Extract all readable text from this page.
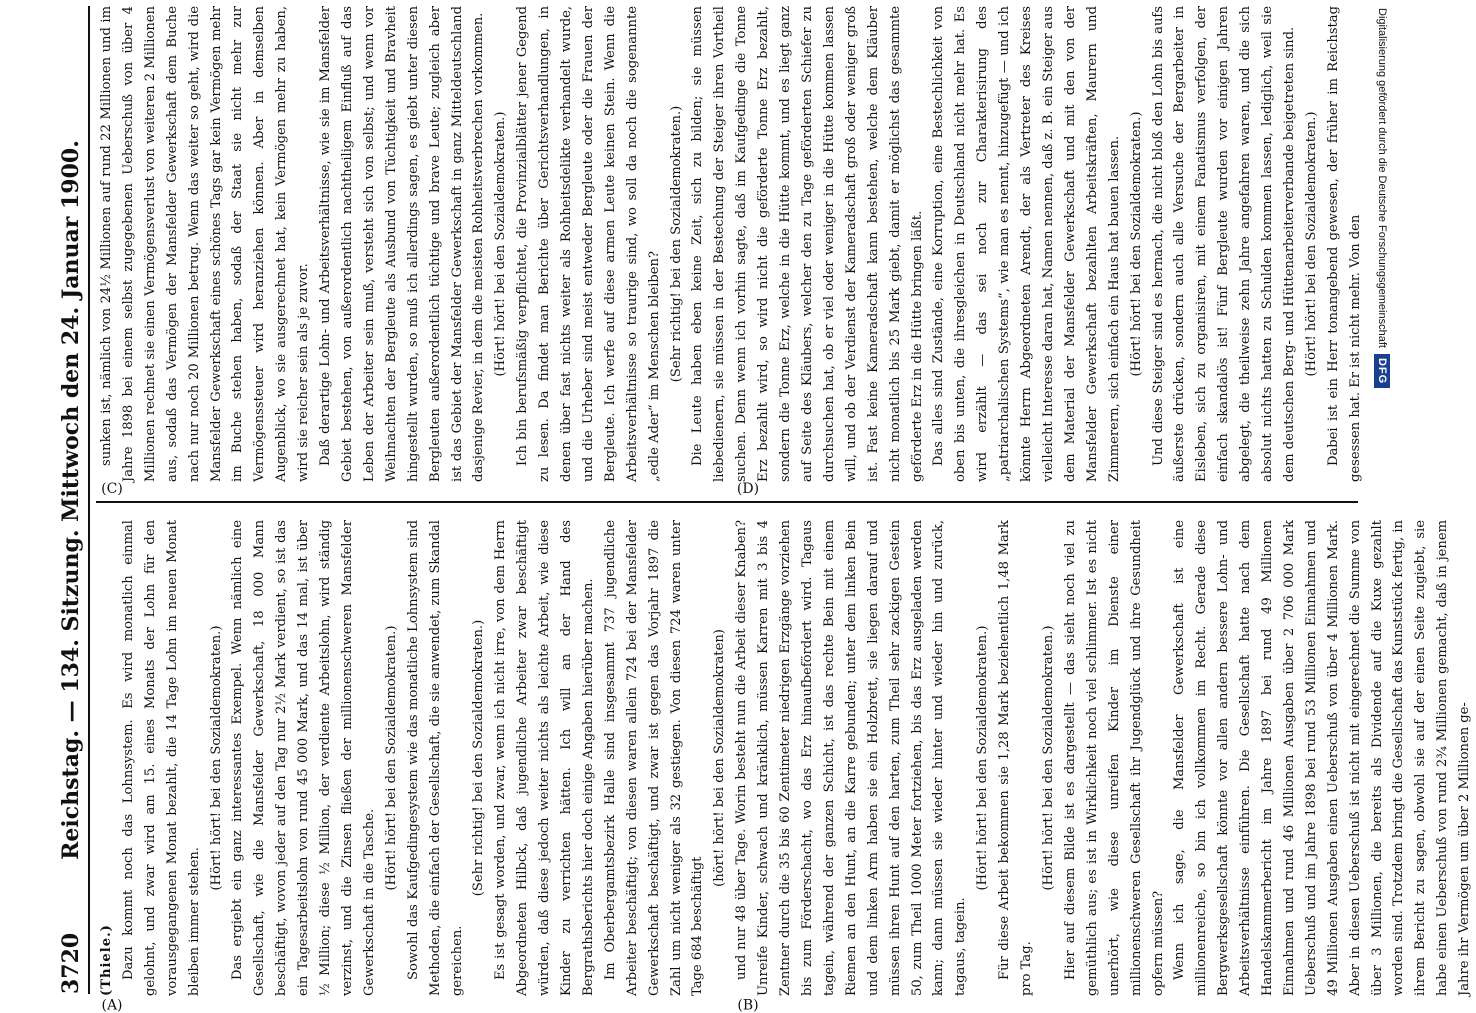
3720
Reichstag. — 134. Sitzung. Mittwoch den 24. Januar 1900.
(A)	(B)
(C)	(D)

(Thiele.) Dazu kommt noch das Lohnsystem. Es wird monatlich einmal gelohnt, und zwar wird am 15. eines Monats der Lohn für den vorausgegangenen Monat bezahlt, die 14 Tage Lohn im neuen Monat bleiben immer stehen.

(Hört! hört! bei den Sozialdemokraten.) Das ergiebt ein ganz interessantes Exempel. Wenn nämlich eine Gesellschaft, wie die Mansfelder Gewerkschaft, 18 000 Mann beschäftigt, wovon jeder auf den Tag nur 2½ Mark verdient, so ist das ein Tagesarbeitslohn von rund 45 000 Mark, und das 14 mal, ist über ½ Million; diese ½ Million, der verdiente Arbeitslohn, wird ständig verzinst, und die Zinsen fließen der millionenschweren Mansfelder Gewerkschaft in die Tasche.

(Hört! hört! bei den Sozialdemokraten.) Sowohl das Kaufgedingesystem wie das monatliche Lohnsystem sind Methoden, die einfach der Gesellschaft, die sie anwendet, zum Skandal gereichen.

(Sehr richtig! bei den Sozialdemokraten.) Es ist gesagt worden, und zwar, wenn ich nicht irre, von dem Herrn Abgeordneten Hilbck, daß jugendliche Arbeiter zwar beschäftigt würden, daß diese jedoch weiter nichts als leichte Arbeit, wie diese Kinder zu verrichten hätten. Ich will an der Hand des Bergrathsberichts hier doch einige Angaben hierüber machen. Im Oberbergamtsbezirk Halle sind insgesammt 737 jugendliche Arbeiter beschäftigt; von diesen waren allein 724 bei der Mansfelder Gewerkschaft beschäftigt, und zwar ist gegen das Vorjahr 1897 die Zahl um nicht weniger als 32 gestiegen. Von diesen 724 waren unter Tage 684 beschäftigt

(hört! hört! bei den Sozialdemokraten) und nur 48 über Tage. Worin besteht nun die Arbeit dieser Knaben? Unreife Kinder, schwach und kränklich, müssen Karren mit 3 bis 4 Zentner durch die 35 bis 60 Zentimeter niedrigen Erzgänge vorziehen bis zum Förderschacht, wo das Erz hinaufbefördert wird. Tagaus tagein, während der ganzen Schicht, ist das rechte Bein mit einem Riemen an den Hunt, an die Karre gebunden; unter dem linken Bein und dem linken Arm haben sie ein Holzbrett, sie liegen darauf und müssen ihren Hunt auf den harten, zum Theil sehr zackigen Gestein 50, zum Theil 1000 Meter fortziehen, bis das Erz ausgeladen werden kann; dann müssen sie wieder hinter und wieder hin und zurück, tagaus, tagein.

(Hört! hört! bei den Sozialdemokraten.) Für diese Arbeit bekommen sie 1,28 Mark beziehentlich 1,48 Mark pro Tag.

(Hört! hört! bei den Sozialdemokraten.) Hier auf diesem Bilde ist es dargestellt — das sieht noch viel zu gemüthlich aus; es ist in Wirklichkeit noch viel schlimmer. Ist es nicht unerhört, wie diese unreifen Kinder im Dienste einer millionenschweren Gesellschaft ihr Jugendglück und ihre Gesundheit opfern müssen? Wenn ich sage, die Mansfelder Gewerkschaft ist eine millionenreiche, so bin ich vollkommen im Recht. Gerade diese Bergwerksgesellschaft könnte vor allen andern bessere Lohn- und Arbeitsverhältnisse einführen. Die Gesellschaft hatte nach dem Handelskammerbericht im Jahre 1897 bei rund 49 Millionen Einnahmen und rund 46 Millionen Ausgaben über 2 706 000 Mark Ueberschuß und im Jahre 1898 bei rund 53 Millionen Einnahmen und 49 Millionen Ausgaben einen Ueberschuß von über 4 Millionen Mark. Aber in diesen Ueberschuß ist nicht mit eingerechnet die Summe von über 3 Millionen, die bereits als Dividende auf die Kuxe gezahlt worden sind. Trotzdem bringt die Gesellschaft das Kunststück fertig, in ihrem Bericht zu sagen, obwohl sie auf der einen Seite zugiebt, sie habe einen Ueberschuß von rund 2¾ Millionen gemacht, daß in jenem Jahre ihr Vermögen um über 2 Millionen ge-

sunken ist, nämlich von 24½ Millionen auf rund 22 Millionen und im Jahre 1898 bei einem selbst zugegebenen Ueberschuß von über 4 Millionen rechnet sie einen Vermögensverlust von weiteren 2 Millionen aus, sodaß das Vermögen der Mansfelder Gewerkschaft dem Buche nach nur noch 20 Millionen betrug. Wenn das weiter so geht, wird die Mansfelder Gewerkschaft eines schönes Tags gar kein Vermögen mehr im Buche stehen haben, sodaß der Staat sie nicht mehr zur Vermögenssteuer wird heranziehen können. Aber in demselben Augenblick, wo sie ausgerechnet hat, kein Vermögen mehr zu haben, wird sie reicher sein als je zuvor. Daß derartige Lohn- und Arbeitsverhältnisse, wie sie im Mansfelder Gebiet bestehen, von außerordentlich nachtheiligem Einfluß auf das Leben der Arbeiter sein muß, versteht sich von selbst; und wenn vor Weihnachten der Bergleute als Ausbund von Tüchtigkeit und Bravheit hingestellt wurden, so muß ich allerdings sagen, es giebt unter diesen Bergleuten außerordentlich tüchtige und brave Leute; zugleich aber ist das Gebiet der Mansfelder Gewerkschaft in ganz Mitteldeutschland dasjenige Revier, in dem die meisten Rohheitsverbrechen vorkommen. (Hört! hört! bei den Sozialdemokraten.) Ich bin berufsmäßig verpflichtet, die Provinzialblätter jener Gegend zu lesen. Da findet man Berichte über Gerichtsverhandlungen, in denen über fast nichts weiter als Rohheitsdelikte verhandelt wurde, und die Urheber sind meist entweder Bergleute oder die Frauen der Bergleute. Ich werfe auf diese armen Leute keinen Stein. Wenn die Arbeitsverhältnisse so traurige sind, wo soll da noch die sogenannte „edle Ader“ im Menschen bleiben? (Sehr richtig! bei den Sozialdemokraten.) Die Leute haben eben keine Zeit, sich zu bilden; sie müssen liebedienern, sie müssen in der Bestechung der Steiger ihren Vortheil suchen. Denn wenn ich vorhin sagte, daß im Kaufgedinge die Tonne Erz bezahlt wird, so wird nicht die geförderte Tonne Erz bezahlt, sondern die Tonne Erz, welche in die Hütte kommt, und es liegt ganz auf Seite des Kläubers, welcher den zu Tage geförderten Schiefer zu durchsuchen hat, ob er viel oder weniger in die Hütte kommen lassen will, und ob der Verdienst der Kameradschaft groß oder weniger groß ist. Fast keine Kameradschaft kann bestehen, welche dem Kläuber nicht monatlich bis 25 Mark giebt, damit er möglichst das gesammte geförderte Erz in die Hütte bringen läßt. Das alles sind Zustände, eine Korruption, eine Bestechlichkeit von oben bis unten, die ihresgleichen in Deutschland nicht mehr hat. Es wird erzählt — das sei noch zur Charakterisirung des „patriarchalischen Systems“, wie man es nennt, hinzugefügt — und ich könnte Herrn Abgeordneten Arendt, der als Vertreter des Kreises vielleicht Interesse daran hat, Namen nennen, daß z. B. ein Steiger aus dem Material der Mansfelder Gewerkschaft und mit den von der Mansfelder Gewerkschaft bezahlten Arbeitskräften, Maurern und Zimmerern, sich einfach ein Haus hat bauen lassen. (Hört! hört! bei den Sozialdemokraten.) Und diese Steiger sind es hernach, die nicht bloß den Lohn bis aufs äußerste drücken, sondern auch alle Versuche der Bergarbeiter in Eisleben, sich zu organisiren, mit einem Fanatismus verfolgen, der einfach skandalös ist! Fünf Bergleute wurden vor einigen Jahren abgelegt, die theilweise zehn Jahre angefahren waren, und die sich absolut nichts hatten zu Schulden kommen lassen, lediglich, weil sie dem deutschen Berg- und Hüttenarbeiterverbande beigetreten sind. (Hört! hört! bei den Sozialdemokraten.) Dabei ist ein Herr tonangebend gewesen, der früher im Reichstag gesessen hat. Er ist nicht mehr. Von den

Digitalisierung gefördert durch die Deutsche Forschungsgemeinschaft
DFG
